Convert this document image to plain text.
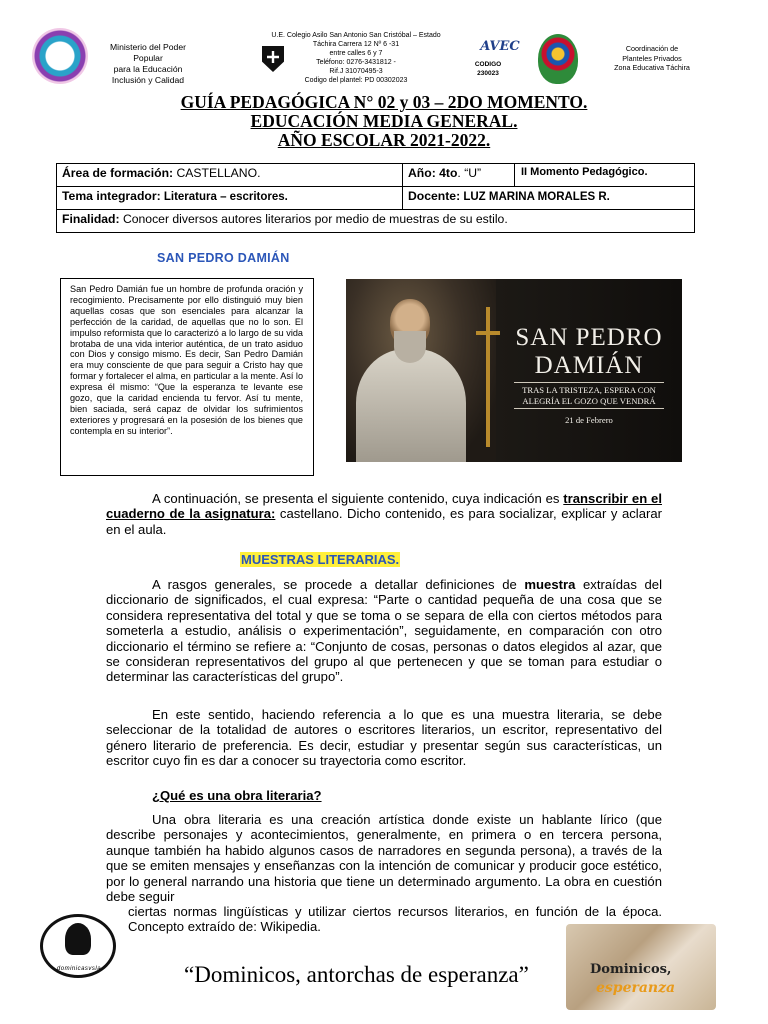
Ministerio del Poder
Popular
para la Educación
Inclusión y Calidad
U.E. Colegio Asilo San Antonio San Cristóbal – Estado
Táchira Carrera 12 Nº 6 -31
entre calles 6 y 7
Teléfono: 0276-3431812 -
Rif.J 31070495-3
Codigo del plantel: PD 00302023
AVEC
CODIGO
230023
Coordinación de
Planteles Privados
Zona Educativa Táchira
GUÍA PEDAGÓGICA N° 02 y 03 – 2DO MOMENTO.
EDUCACIÓN MEDIA GENERAL.
AÑO ESCOLAR 2021-2022.
Área de formación: CASTELLANO.	Año: 4to. “U”	II Momento Pedagógico.
Tema integrador: Literatura – escritores.	Docente: LUZ MARINA MORALES R.	
Finalidad: Conocer diversos autores literarios por medio de muestras de su estilo.		
SAN PEDRO DAMIÁN
San Pedro Damián fue un hombre de profunda oración y recogimiento. Precisamente por ello distinguió muy bien aquellas cosas que son esenciales para alcanzar la perfección de la caridad, de aquellas que no lo son. El impulso reformista que lo caracterizó a lo largo de su vida brotaba de una vida interior auténtica, de un trato asiduo con Dios y consigo mismo. Es decir, San Pedro Damián era muy consciente de que para seguir a Cristo hay que formar y fortalecer el alma, en particular a la mente. Así lo expresa él mismo: “Que la esperanza te levante ese gozo, que la caridad encienda tu fervor. Así tu mente, bien saciada, será capaz de olvidar los sufrimientos exteriores y progresará en la posesión de los bienes que contempla en su interior”.
SAN PEDRO
DAMIÁN
TRAS LA TRISTEZA, ESPERA CON
ALEGRÍA EL GOZO QUE VENDRÁ
21 de Febrero
A continuación, se presenta el siguiente contenido, cuya indicación es transcribir en el cuaderno de la asignatura: castellano. Dicho contenido, es para socializar, explicar y aclarar en el aula.
MUESTRAS LITERARIAS.
A rasgos generales, se procede a detallar definiciones de muestra extraídas del diccionario de significados, el cual expresa: “Parte o cantidad pequeña de una cosa que se considera representativa del total y que se toma o se separa de ella con ciertos métodos para someterla a estudio, análisis o experimentación”, seguidamente, en comparación con otro diccionario el término se refiere a: “Conjunto de cosas, personas o datos elegidos al azar, que se consideran representativos del grupo al que pertenecen y que se toman para estudiar o determinar las características del grupo”.
En este sentido, haciendo referencia a lo que es una muestra literaria, se debe seleccionar de la totalidad de autores o escritores literarios, un escritor, representativo del género literario de preferencia. Es decir, estudiar y presentar según sus características, un escritor cuyo fin es dar a conocer su trayectoria como escritor.
¿Qué es una obra literaria?
Una obra literaria es una creación artística donde existe un hablante lírico (que describe personajes y acontecimientos, generalmente, en primera o en tercera persona, aunque también ha habido algunos casos de narradores en segunda persona), a través de la que se emiten mensajes y enseñanzas con la intención de comunicar y producir goce estético, por lo general narrando una historia que tiene un determinado argumento. La obra en cuestión debe seguir
ciertas normas lingüísticas y utilizar ciertos recursos literarios, en función de la época. Concepto extraído de: Wikipedia.
dominicasvsla	“Dominicos, antorchas de esperanza”	Dominicos,
esperanza
